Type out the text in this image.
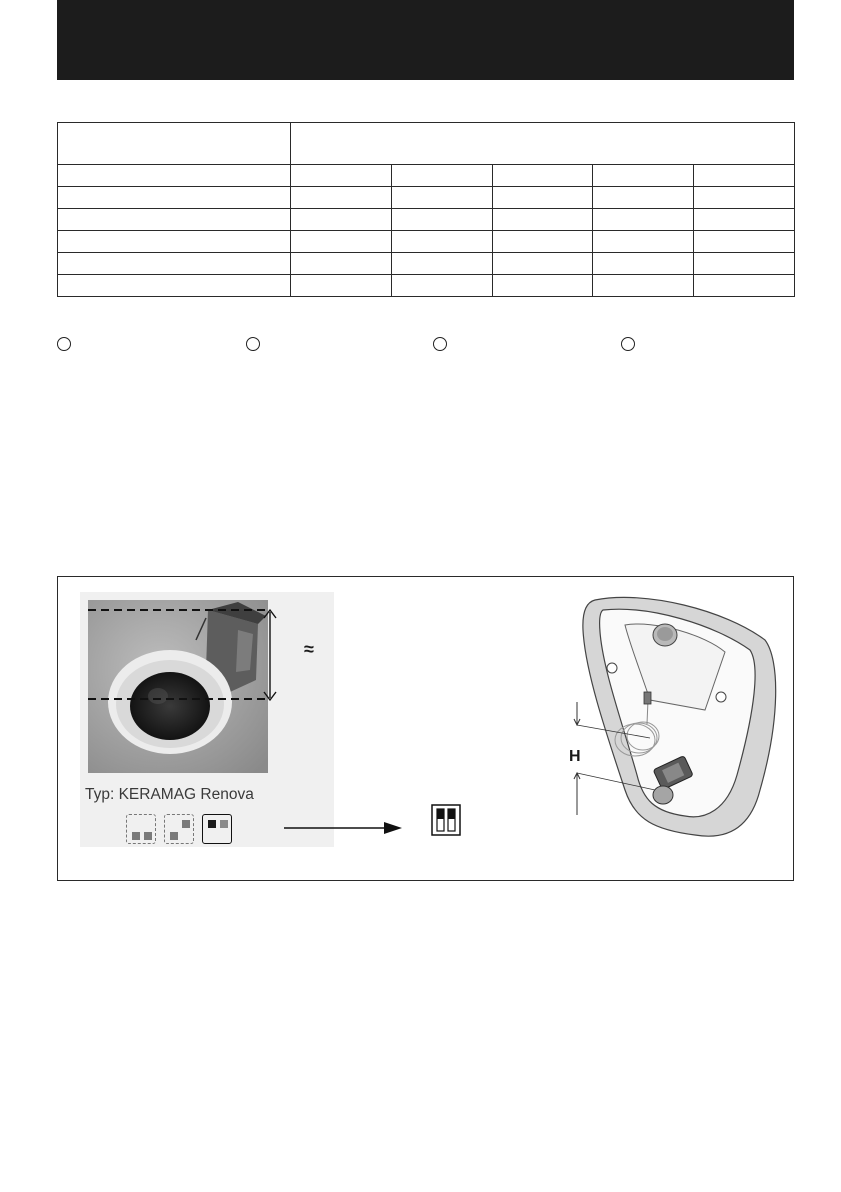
≈
Typ: KERAMAG Renova
H
